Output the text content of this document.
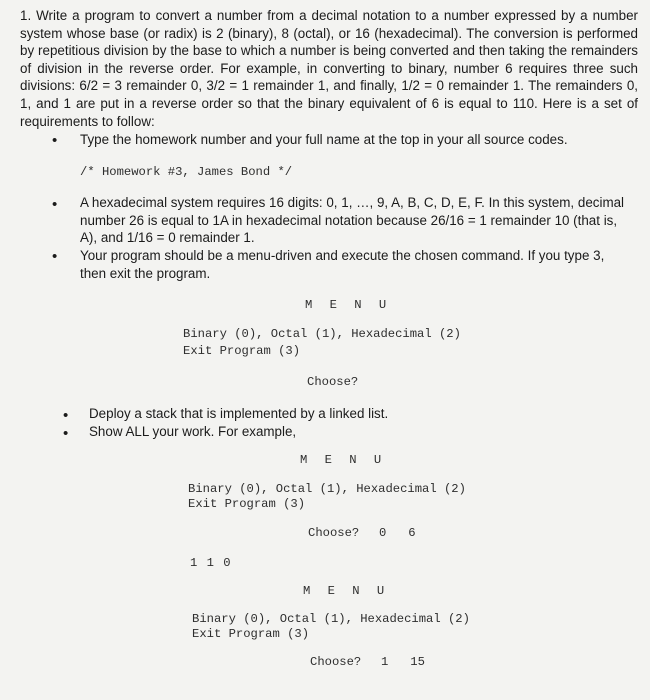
1. Write a program to convert a number from a decimal notation to a number expressed by a number system whose base (or radix) is 2 (binary), 8 (octal), or 16 (hexadecimal). The conversion is performed by repetitious division by the base to which a number is being converted and then taking the remainders of division in the reverse order. For example, in converting to binary, number 6 requires three such divisions: 6/2 = 3 remainder 0, 3/2 = 1 remainder 1, and finally, 1/2 = 0 remainder 1. The remainders 0, 1, and 1 are put in a reverse order so that the binary equivalent of 6 is equal to 110. Here is a set of requirements to follow:
• Type the homework number and your full name at the top in your all source codes.
/* Homework #3, James Bond */
• A hexadecimal system requires 16 digits: 0, 1, …, 9, A, B, C, D, E, F. In this system, decimal number 26 is equal to 1A in hexadecimal notation because 26/16 = 1 remainder 10 (that is, A), and 1/16 = 0 remainder 1.
• Your program should be a menu-driven and execute the chosen command. If you type 3, then exit the program.
M E N U
Binary (0), Octal (1), Hexadecimal (2)
Exit Program (3)
Choose?
• Deploy a stack that is implemented by a linked list.
• Show ALL your work. For example,
M E N U
Binary (0), Octal (1), Hexadecimal (2)
Exit Program (3)
Choose? 0   6
1 1 0
M E N U
Binary (0), Octal (1), Hexadecimal (2)
Exit Program (3)
Choose? 1   15
